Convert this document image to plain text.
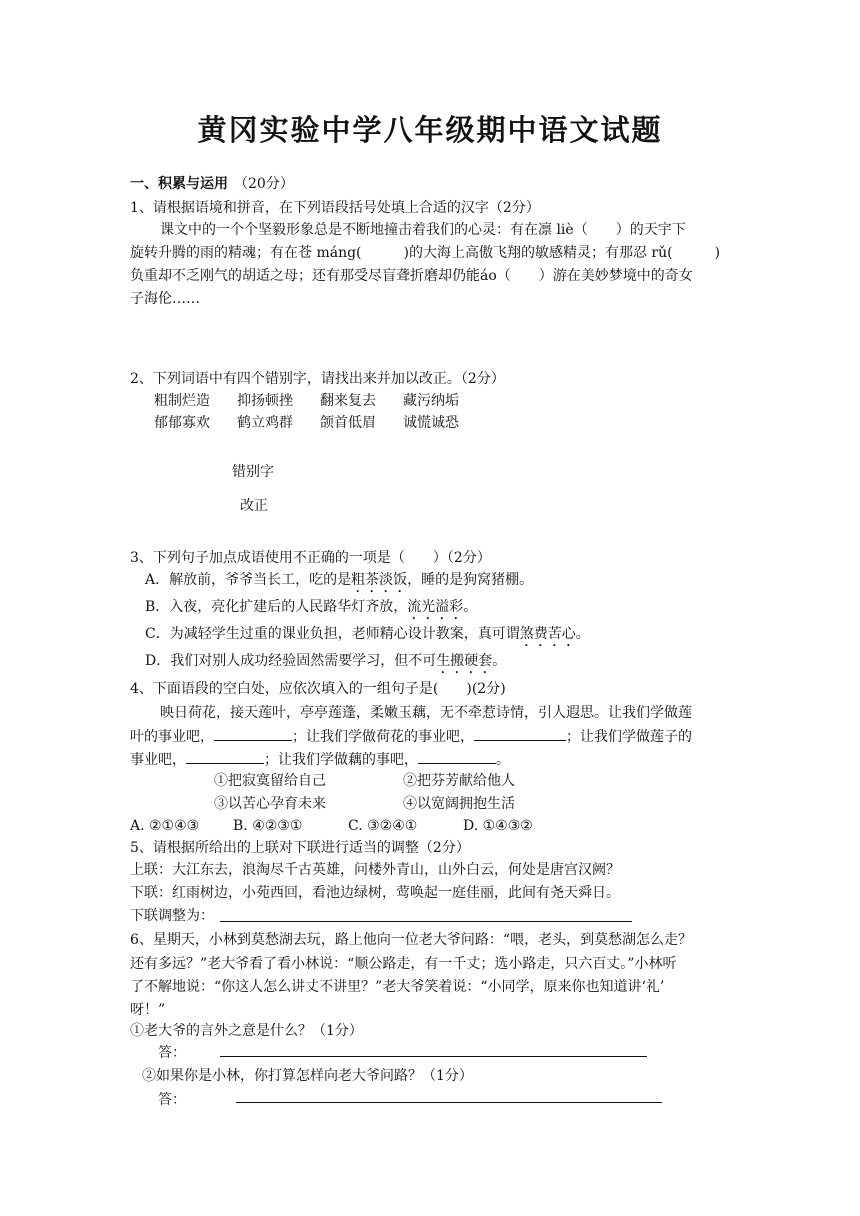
黄冈实验中学八年级期中语文试题
一、积累与运用 （20分）
1、请根据语境和拼音，在下列语段括号处填上合适的汉字（2分）
课文中的一个个坚毅形象总是不断地撞击着我们的心灵：有在凛 liè（　　）的天宇下
旋转升腾的雨的精魂；有在苍 máng(　　　)的大海上高傲飞翔的敏感精灵；有那忍 rǔ(　　　)
负重却不乏刚气的胡适之母；还有那受尽盲聋折磨却仍能áo（　　）游在美妙梦境中的奇女
子海伦……
2、下列词语中有四个错别字，请找出来并加以改正。（2分）
粗制烂造 抑扬顿挫 翻来复去 藏污纳垢
郁郁寡欢 鹤立鸡群 颌首低眉 诚慌诚恐
错别字
改正
3、下列句子加点成语使用不正确的一项是（　　）（2分）
A．解放前，爷爷当长工，吃的是粗茶淡饭，睡的是狗窝猪棚。
B．入夜，亮化扩建后的人民路华灯齐放，流光溢彩。
C．为减轻学生过重的课业负担，老师精心设计教案，真可谓煞费苦心。
D．我们对别人成功经验固然需要学习，但不可生搬硬套。
4、下面语段的空白处，应依次填入的一组句子是(　　)(2分)
映日荷花，接天莲叶，亭亭莲蓬，柔嫩玉藕，无不牵惹诗情，引人遐思。让我们学做莲
叶的事业吧，	；让我们学做荷花的事业吧，	；让我们学做莲子的
事业吧，	；让我们学做藕的事吧，	。
①把寂寞留给自己	②把芬芳献给他人
③以苦心孕育未来	④以宽阔拥抱生活
A. ②①④③ B. ④②③①	C. ③②④①	D. ①④③②
5、请根据所给出的上联对下联进行适当的调整（2分）
上联：大江东去，浪淘尽千古英雄，问楼外青山，山外白云，何处是唐宫汉阙？
下联：红雨树边，小苑西回，看池边绿树，莺唤起一庭佳丽，此间有尧天舜日。
下联调整为：
6、星期天，小林到莫愁湖去玩，路上他向一位老大爷问路：“喂，老头，到莫愁湖怎么走？
还有多远？”老大爷看了看小林说：“顺公路走，有一千丈；选小路走，只六百丈。”小林听
了不解地说：“你这人怎么讲丈不讲里？”老大爷笑着说：“小同学，原来你也知道讲‘礼’
呀！”
①老大爷的言外之意是什么？（1分）
答：
②如果你是小林，你打算怎样向老大爷问路？（1分）
答：
